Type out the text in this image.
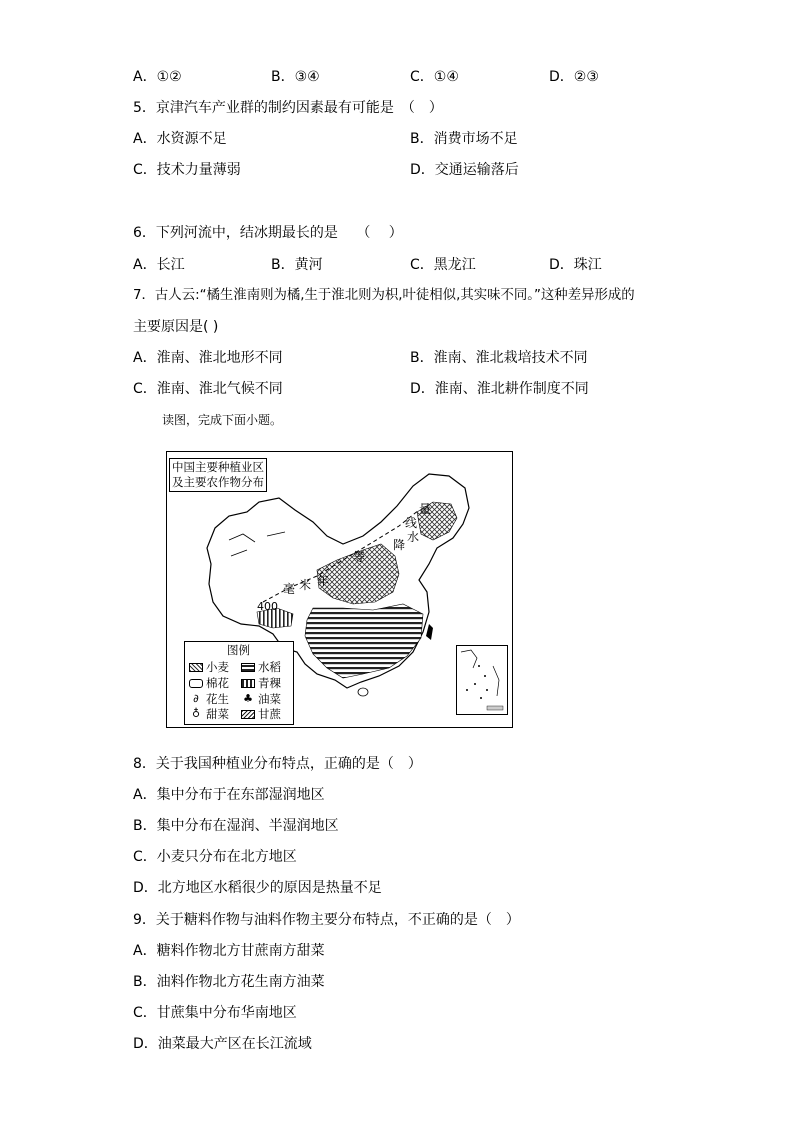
A．①②	B．③④	C．①④	D．②③
5．京津汽车产业群的制约因素最有可能是　（　）
A．水资源不足	B．消费市场不足
C．技术力量薄弱	D．交通运输落后
6．下列河流中，结冰期最长的是　 （　 ）
A．长江	B．黄河	C．黑龙江	D．珠江
7．古人云:“橘生淮南则为橘,生于淮北则为枳,叶徒相似,其实味不同。”这种差异形成的
主要原因是( )
A．淮南、淮北地形不同	B．淮南、淮北栽培技术不同
C．淮南、淮北气候不同	D．淮南、淮北耕作制度不同
读图，完成下面小题。
中国主要种植业区
及主要农作物分布
量
线
水
降
等
毫 米 年
400
图例
小麦	水稻
棉花	青稞
∂ 花生 ♣ 油菜
♁ 甜菜	甘蔗
8．关于我国种植业分布特点，正确的是（　）
A．集中分布于在东部湿润地区
B．集中分布在湿润、半湿润地区
C．小麦只分布在北方地区
D．北方地区水稻很少的原因是热量不足
9．关于糖料作物与油料作物主要分布特点，不正确的是（　）
A．糖料作物北方甘蔗南方甜菜
B．油料作物北方花生南方油菜
C．甘蔗集中分布华南地区
D．油菜最大产区在长江流域
